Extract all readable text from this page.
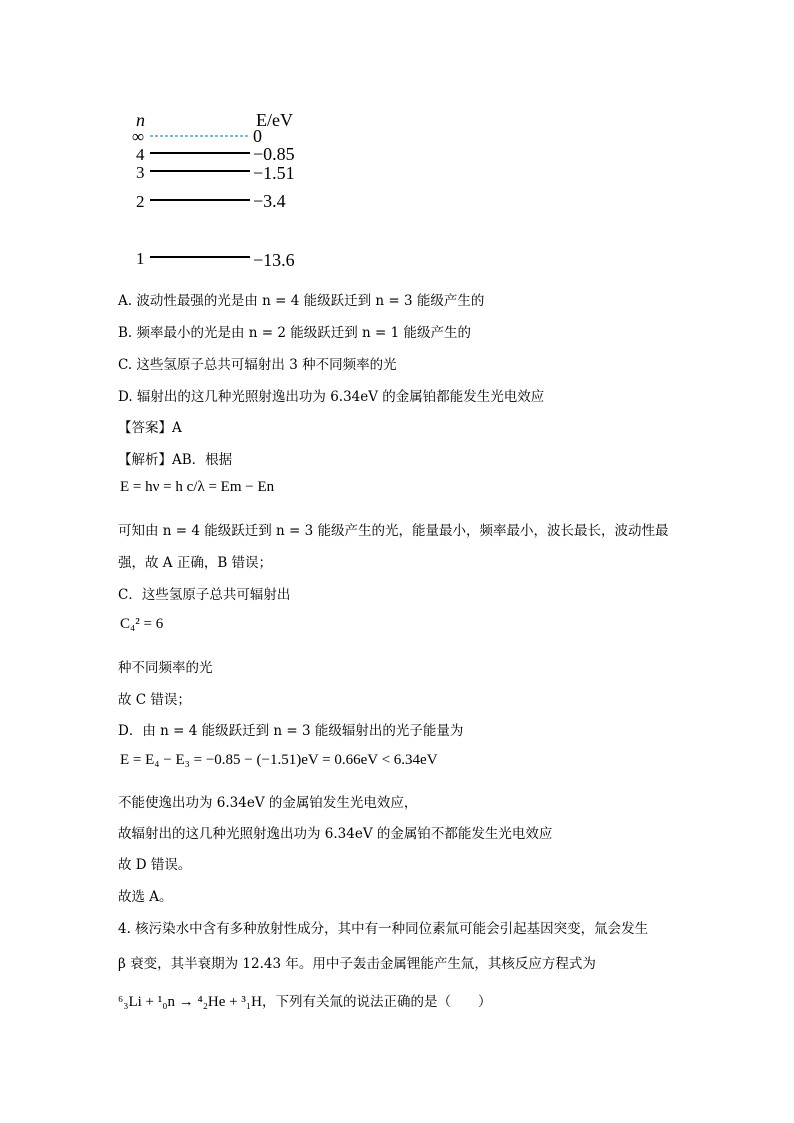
n	E/eV
∞	0
4	−0.85
3	−1.51
2	−3.4
1	−13.6
A. 波动性最强的光是由 n = 4 能级跃迁到 n = 3 能级产生的
B. 频率最小的光是由 n = 2 能级跃迁到 n = 1 能级产生的
C. 这些氢原子总共可辐射出 3 种不同频率的光
D. 辐射出的这几种光照射逸出功为 6.34eV 的金属铂都能发生光电效应
【答案】A
【解析】AB．根据
E = hν = h c/λ = Em − En
可知由 n = 4 能级跃迁到 n = 3 能级产生的光，能量最小，频率最小，波长最长，波动性最
强，故 A 正确，B 错误；
C．这些氢原子总共可辐射出
C₄² = 6
种不同频率的光
故 C 错误；
D．由 n = 4 能级跃迁到 n = 3 能级辐射出的光子能量为
E = E₄ − E₃ = −0.85 − (−1.51)eV = 0.66eV < 6.34eV
不能使逸出功为 6.34eV 的金属铂发生光电效应，
故辐射出的这几种光照射逸出功为 6.34eV 的金属铂不都能发生光电效应
故 D 错误。
故选 A。
4. 核污染水中含有多种放射性成分，其中有一种同位素氚可能会引起基因突变，氚会发生
β 衰变，其半衰期为 12.43 年。用中子轰击金属锂能产生氚，其核反应方程式为
⁶₃Li + ¹₀n → ⁴₂He + ³₁H，下列有关氚的说法正确的是（　　）
